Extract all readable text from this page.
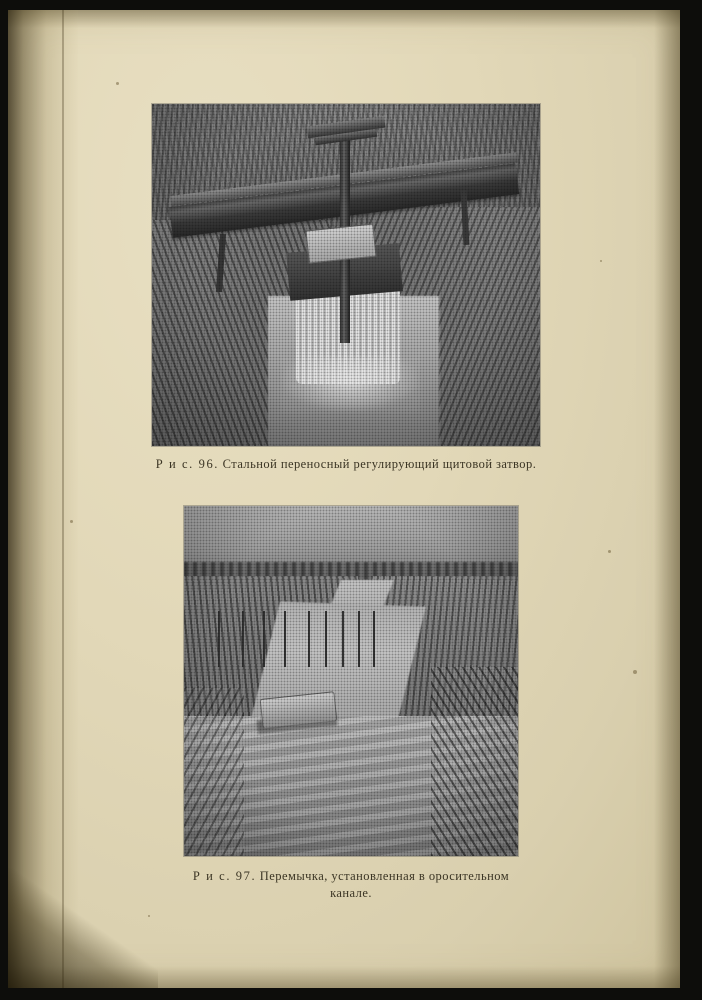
Р и с. 96. Стальной переносный регулирующий щитовой затвор.
Р и с. 97. Перемычка, установленная в оросительном
канале.
